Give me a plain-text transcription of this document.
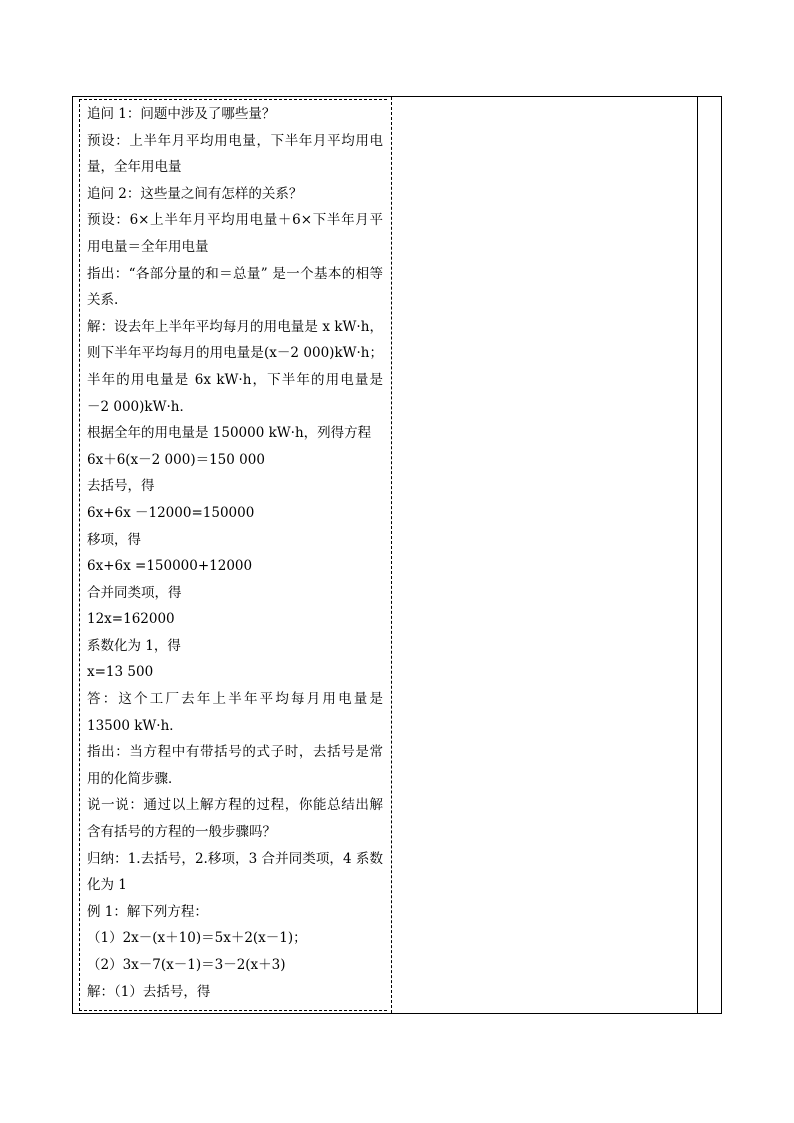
追问 1：问题中涉及了哪些量？
预设：上半年月平均用电量，下半年月平均用电
量，全年用电量
追问 2：这些量之间有怎样的关系？
预设：6×上半年月平均用电量＋6×下半年月平
用电量＝全年用电量
指出：“各部分量的和＝总量” 是一个基本的相等
关系.
解：设去年上半年平均每月的用电量是 x kW·h，
则下半年平均每月的用电量是(x－2 000)kW·h；
半年的用电量是 6x kW·h，下半年的用电量是
－2 000)kW·h．
根据全年的用电量是 150000 kW·h，列得方程
6x＋6(x－2 000)＝150 000
去括号，得
6x+6x －12000=150000
移项，得
6x+6x =150000+12000
合并同类项，得
12x=162000
系数化为 1，得
x=13 500
答：这个工厂去年上半年平均每月用电量是
13500 kW·h．
指出：当方程中有带括号的式子时，去括号是常
用的化简步骤．
说一说：通过以上解方程的过程，你能总结出解
含有括号的方程的一般步骤吗？
归纳：1.去括号，2.移项，3 合并同类项，4 系数
化为 1
例 1：解下列方程：
（1）2x－(x＋10)＝5x＋2(x－1)；
（2）3x－7(x－1)＝3－2(x＋3)
解：（1）去括号，得
